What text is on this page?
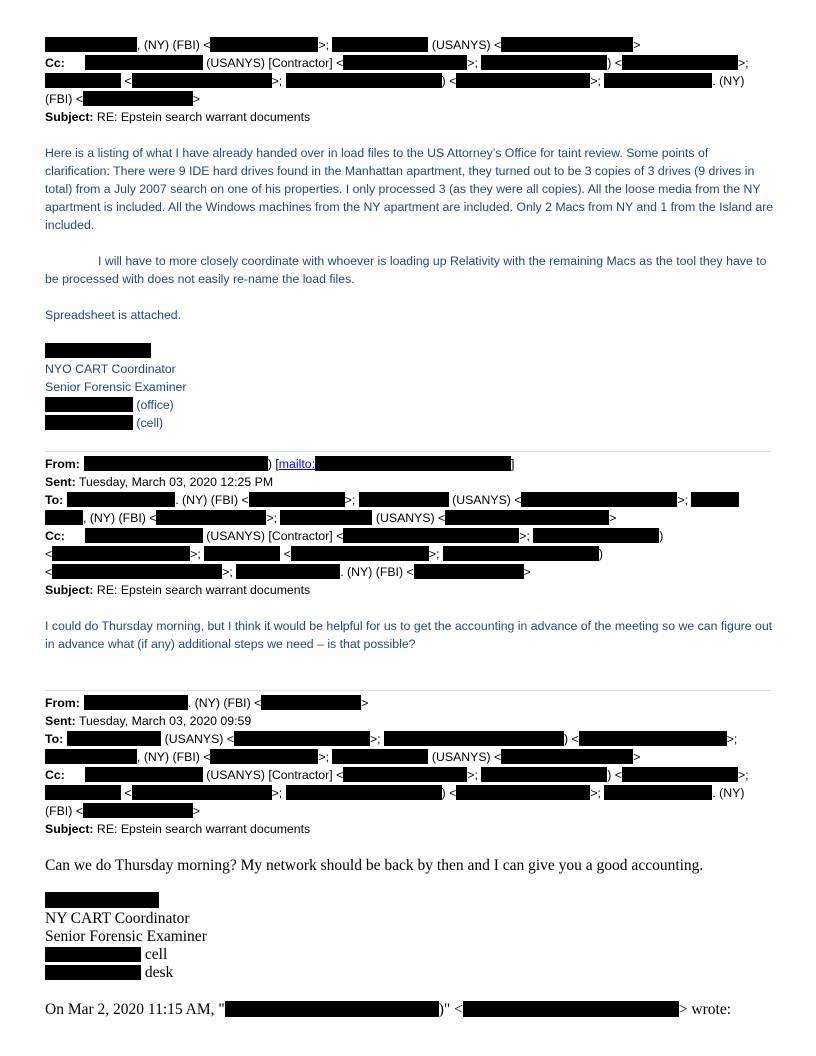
, (NY) (FBI) <	>;	(USANYS) <	>
Cc:	(USANYS) [Contractor] <	>;	) <	>;
<	>;	) <	>;	. (NY)
(FBI) <	>
Subject: RE: Epstein search warrant documents
Here is a listing of what I have already handed over in load files to the US Attorney’s Office for taint review. Some points of clarification: There were 9 IDE hard drives found in the Manhattan apartment, they turned out to be 3 copies of 3 drives (9 drives in total) from a July 2007 search on one of his properties. I only processed 3 (as they were all copies). All the loose media from the NY apartment is included. All the Windows machines from the NY apartment are included. Only 2 Macs from NY and 1 from the Island are included.
I will have to more closely coordinate with whoever is loading up Relativity with the remaining Macs as the tool they have to be processed with does not easily re-name the load files.
Spreadsheet is attached.
NYO CART Coordinator
Senior Forensic Examiner
(office)
(cell)
From:	) [mailto:	]
Sent: Tuesday, March 03, 2020 12:25 PM
To:	. (NY) (FBI) <	>;	(USANYS) <	>;
, (NY) (FBI) <	>;	(USANYS) <	>
Cc:	(USANYS) [Contractor] <	>;	)
<	>;	<	>;	)
<	>;	. (NY) (FBI) <	>
Subject: RE: Epstein search warrant documents
I could do Thursday morning, but I think it would be helpful for us to get the accounting in advance of the meeting so we can figure out in advance what (if any) additional steps we need – is that possible?
From:	. (NY) (FBI) <	>
Sent: Tuesday, March 03, 2020 09:59
To:	(USANYS) <	>;	) <	>;
, (NY) (FBI) <	>;	(USANYS) <	>
Cc:	(USANYS) [Contractor] <	>;	) <	>;
<	>;	) <	>;	. (NY)
(FBI) <	>
Subject: RE: Epstein search warrant documents
Can we do Thursday morning? My network should be back by then and I can give you a good accounting.
NY CART Coordinator
Senior Forensic Examiner
cell
desk
On Mar 2, 2020 11:15 AM, "	)" <	> wrote:
